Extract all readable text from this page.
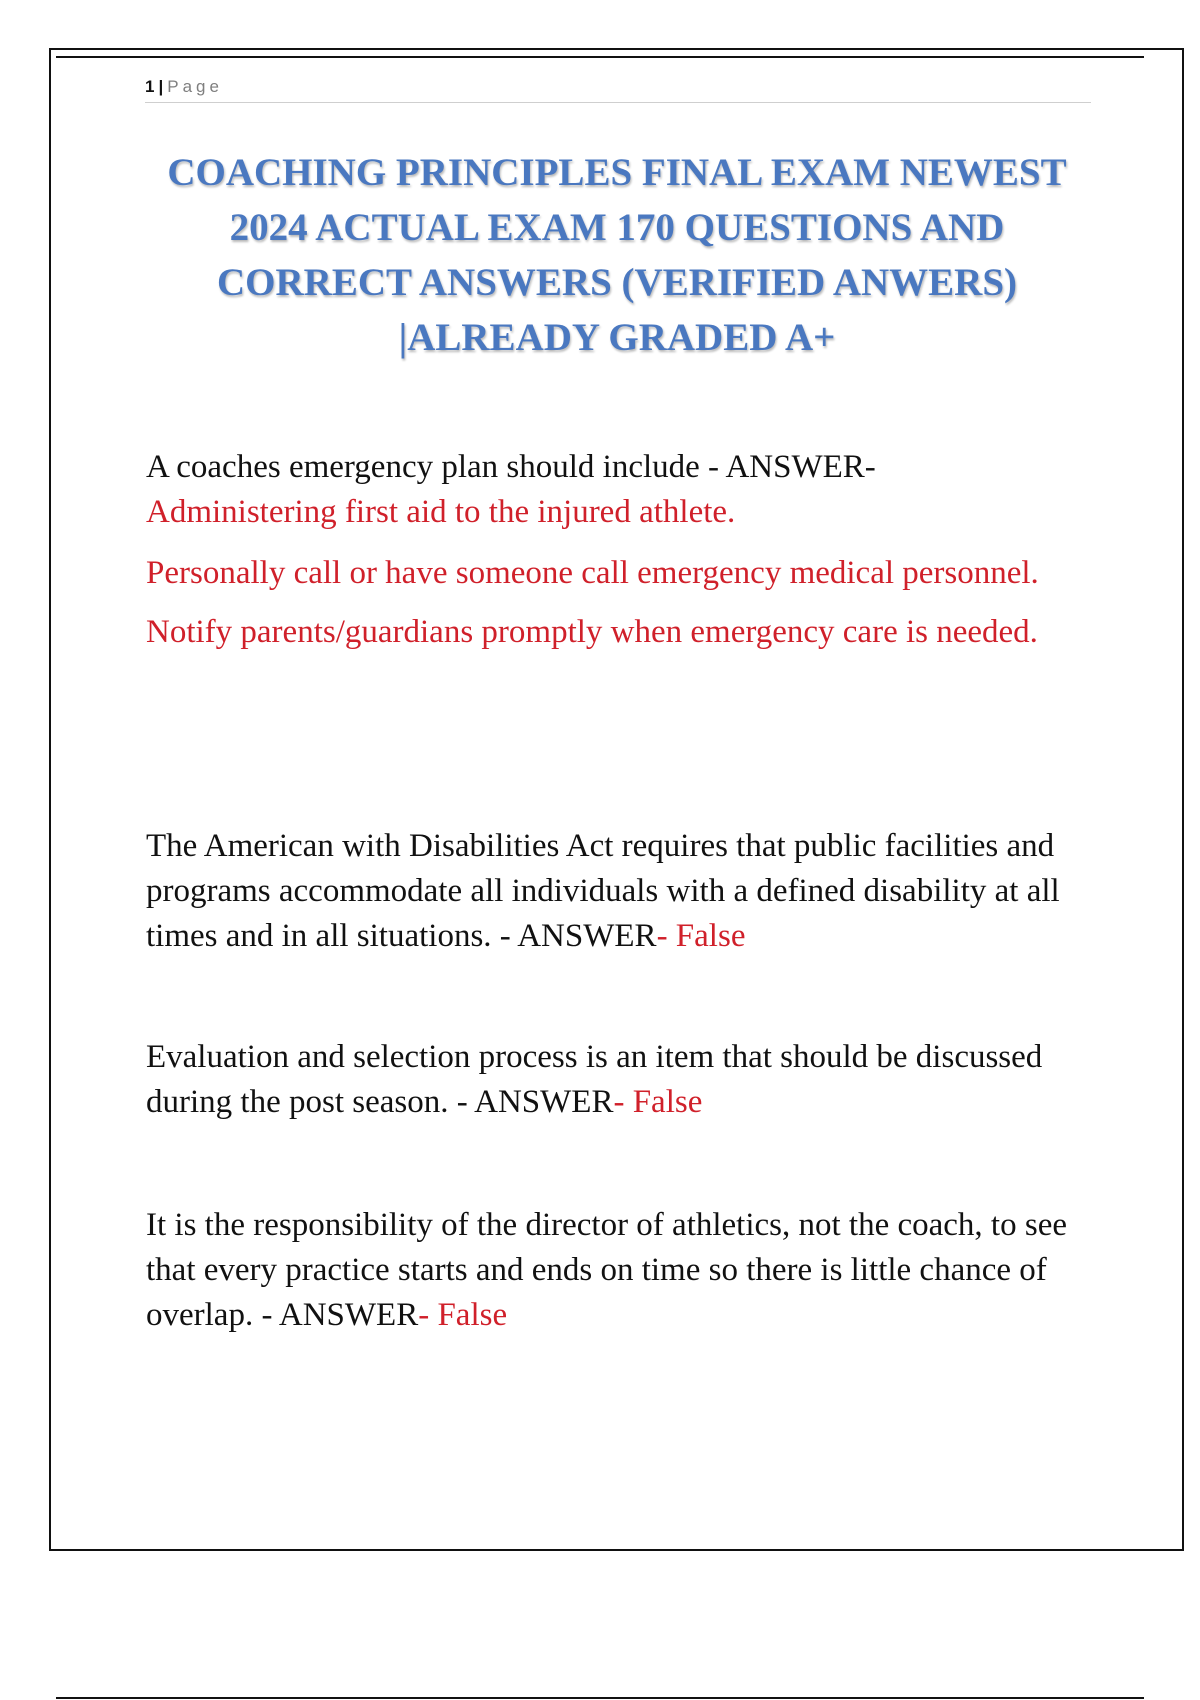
1 | Page
COACHING PRINCIPLES FINAL EXAM NEWEST
2024 ACTUAL EXAM 170 QUESTIONS AND
CORRECT ANSWERS (VERIFIED ANWERS)
|ALREADY GRADED A+
A coaches emergency plan should include - ANSWER-
Administering first aid to the injured athlete.
Personally call or have someone call emergency medical personnel.
Notify parents/guardians promptly when emergency care is needed.

The American with Disabilities Act requires that public facilities and programs accommodate all individuals with a defined disability at all times and in all situations. - ANSWER- False

Evaluation and selection process is an item that should be discussed during the post season. - ANSWER- False

It is the responsibility of the director of athletics, not the coach, to see that every practice starts and ends on time so there is little chance of overlap. - ANSWER- False
